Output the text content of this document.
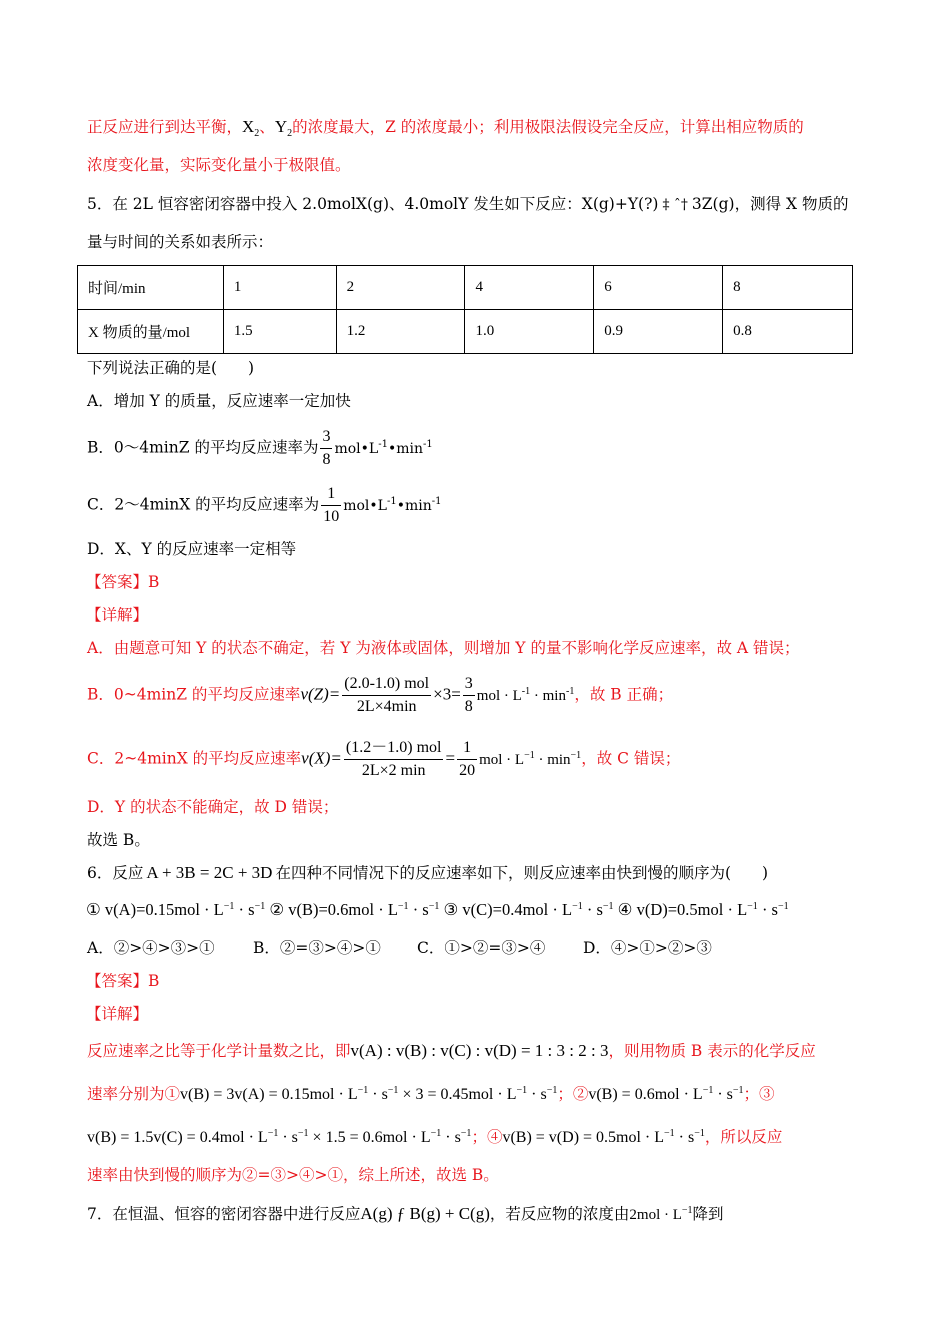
正反应进行到达平衡，$X_2$、$Y_2$的浓度最大，Z 的浓度最小；利用极限法假设完全反应，计算出相应物质的
浓度变化量，实际变化量小于极限值。
5．在 2L 恒容密闭容器中投入 2.0molX(g)、4.0molY 发生如下反应：X(g)+Y(?) ‡ ˆ† 3Z(g)，测得 X 物质的
量与时间的关系如表所示：
时间/min	1	2	4	6	8
X 物质的量/mol	1.5	1.2	1.0	0.9	0.8
下列说法正确的是(　　)
A．增加 Y 的质量，反应速率一定加快
B．0～4minZ 的平均反应速率为 $\frac{3}{8}$ $mol•L^{-1}•\min^{-1}$
C．2～4minX 的平均反应速率为 $\frac{1}{10}$ $mol•L^{-1}•\min^{-1}$
D．X、Y 的反应速率一定相等
【答案】B
【详解】
A．由题意可知 Y 的状态不确定，若 Y 为液体或固体，则增加 Y 的量不影响化学反应速率，故 A 错误；
B．0~4minZ 的平均反应速率$v(Z)= \frac{\text{(2.0-1.0) mol}}{2L\times 4\min} \times 3= \frac{3}{8}$ mol · $L^{-1} \cdot \min^{-1}$，故 B 正确；
C．2~4minX 的平均反应速率$v(X)= \frac{\text{(1.2－1.0) mol}}{2L\times 2 \min} = \frac{1}{20}$ mol · $L^{-1} \cdot \min^{-1}$，故 C 错误；
D．Y 的状态不能确定，故 D 错误；
故选 B。
6．反应 A + 3B = 2C + 3D 在四种不同情况下的反应速率如下，则反应速率由快到慢的顺序为(　　)
① $v(A)=0.15mol \cdot L^{-1} \cdot s^{-1}$ ② $v(B)=0.6mol \cdot L^{-1} \cdot s^{-1}$ ③ $v(C)=0.4mol \cdot L^{-1} \cdot s^{-1}$ ④ $v(D)=0.5mol \cdot L^{-1} \cdot s^{-1}$
A．②>④>③>① B．②=③>④>① C．①>②=③>④ D．④>①>②>③
【答案】B
【详解】
反应速率之比等于化学计量数之比，即v(A) : v(B) : v(C) : v(D) = 1 : 3 : 2 : 3，则用物质 B 表示的化学反应
速率分别为①v(B) = $3v(A) = 0.15mol \cdot L^{-1} \cdot s^{-1} \times 3 = 0.45mol \cdot L^{-1} \cdot s^{-1}$；②v(B) = $0.6mol \cdot L^{-1} \cdot s^{-1}$；③
$v(B) = 1.5v(C) = 0.4mol \cdot L^{-1} \cdot s^{-1} \times 1.5 = 0.6mol \cdot L^{-1} \cdot s^{-1}$；④v(B) = $v(D) = 0.5mol \cdot L^{-1} \cdot s^{-1}$，所以反应
速率由快到慢的顺序为②=③>④>①，综上所述，故选 B。
7．在恒温、恒容的密闭容器中进行反应A(g) ƒ B(g) + C(g)，若反应物的浓度由$2mol \cdot L^{-1}$降到
